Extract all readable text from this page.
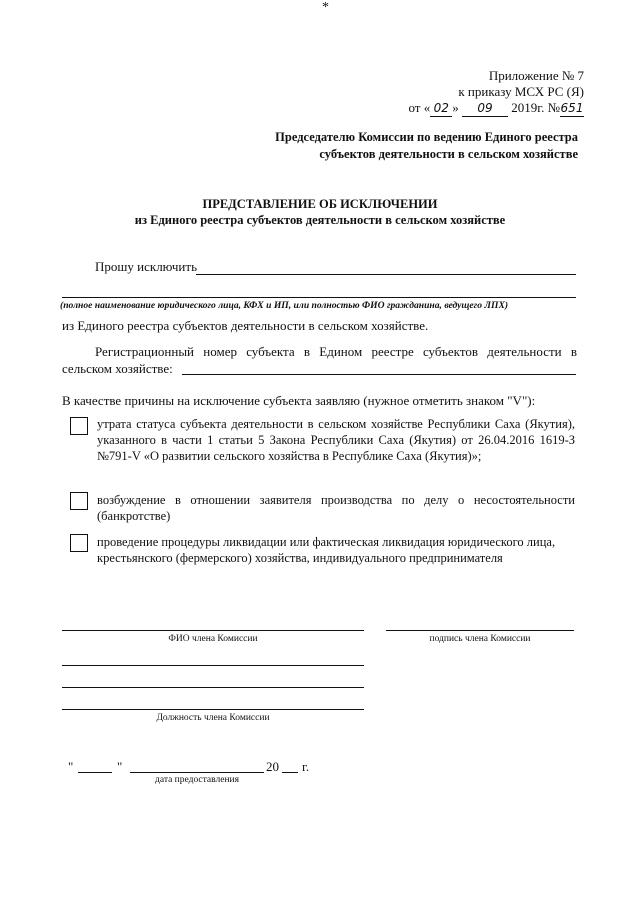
*
Приложение № 7
к приказу МСХ РС (Я)
от « 02 » 09 2019г. №651
Председателю Комиссии по ведению Единого реестра
субъектов деятельности в сельском хозяйстве
ПРЕДСТАВЛЕНИЕ ОБ ИСКЛЮЧЕНИИ
из Единого реестра субъектов деятельности в сельском хозяйстве
Прошу исключить
(полное наименование юридического лица, КФХ и ИП, или полностью ФИО гражданина, ведущего ЛПХ)
из Единого реестра субъектов деятельности в сельском хозяйстве.
Регистрационный номер субъекта в Едином реестре субъектов деятельности в
сельском хозяйстве:
В качестве причины на исключение субъекта заявляю (нужное отметить знаком "V"):
утрата статуса субъекта деятельности в сельском хозяйстве Республики Саха (Якутия), указанного в части 1 статьи 5 Закона Республики Саха (Якутия) от 26.04.2016 1619-З №791-V «О развитии сельского хозяйства в Республике Саха (Якутия)»;
возбуждение в отношении заявителя производства по делу о несостоятельности (банкротстве)
проведение процедуры ликвидации или фактическая ликвидация юридического лица, крестьянского (фермерского) хозяйства, индивидуального предпринимателя
ФИО члена Комиссии	подпись члена Комиссии
Должность члена Комиссии
"	"	20 г.
дата предоставления
